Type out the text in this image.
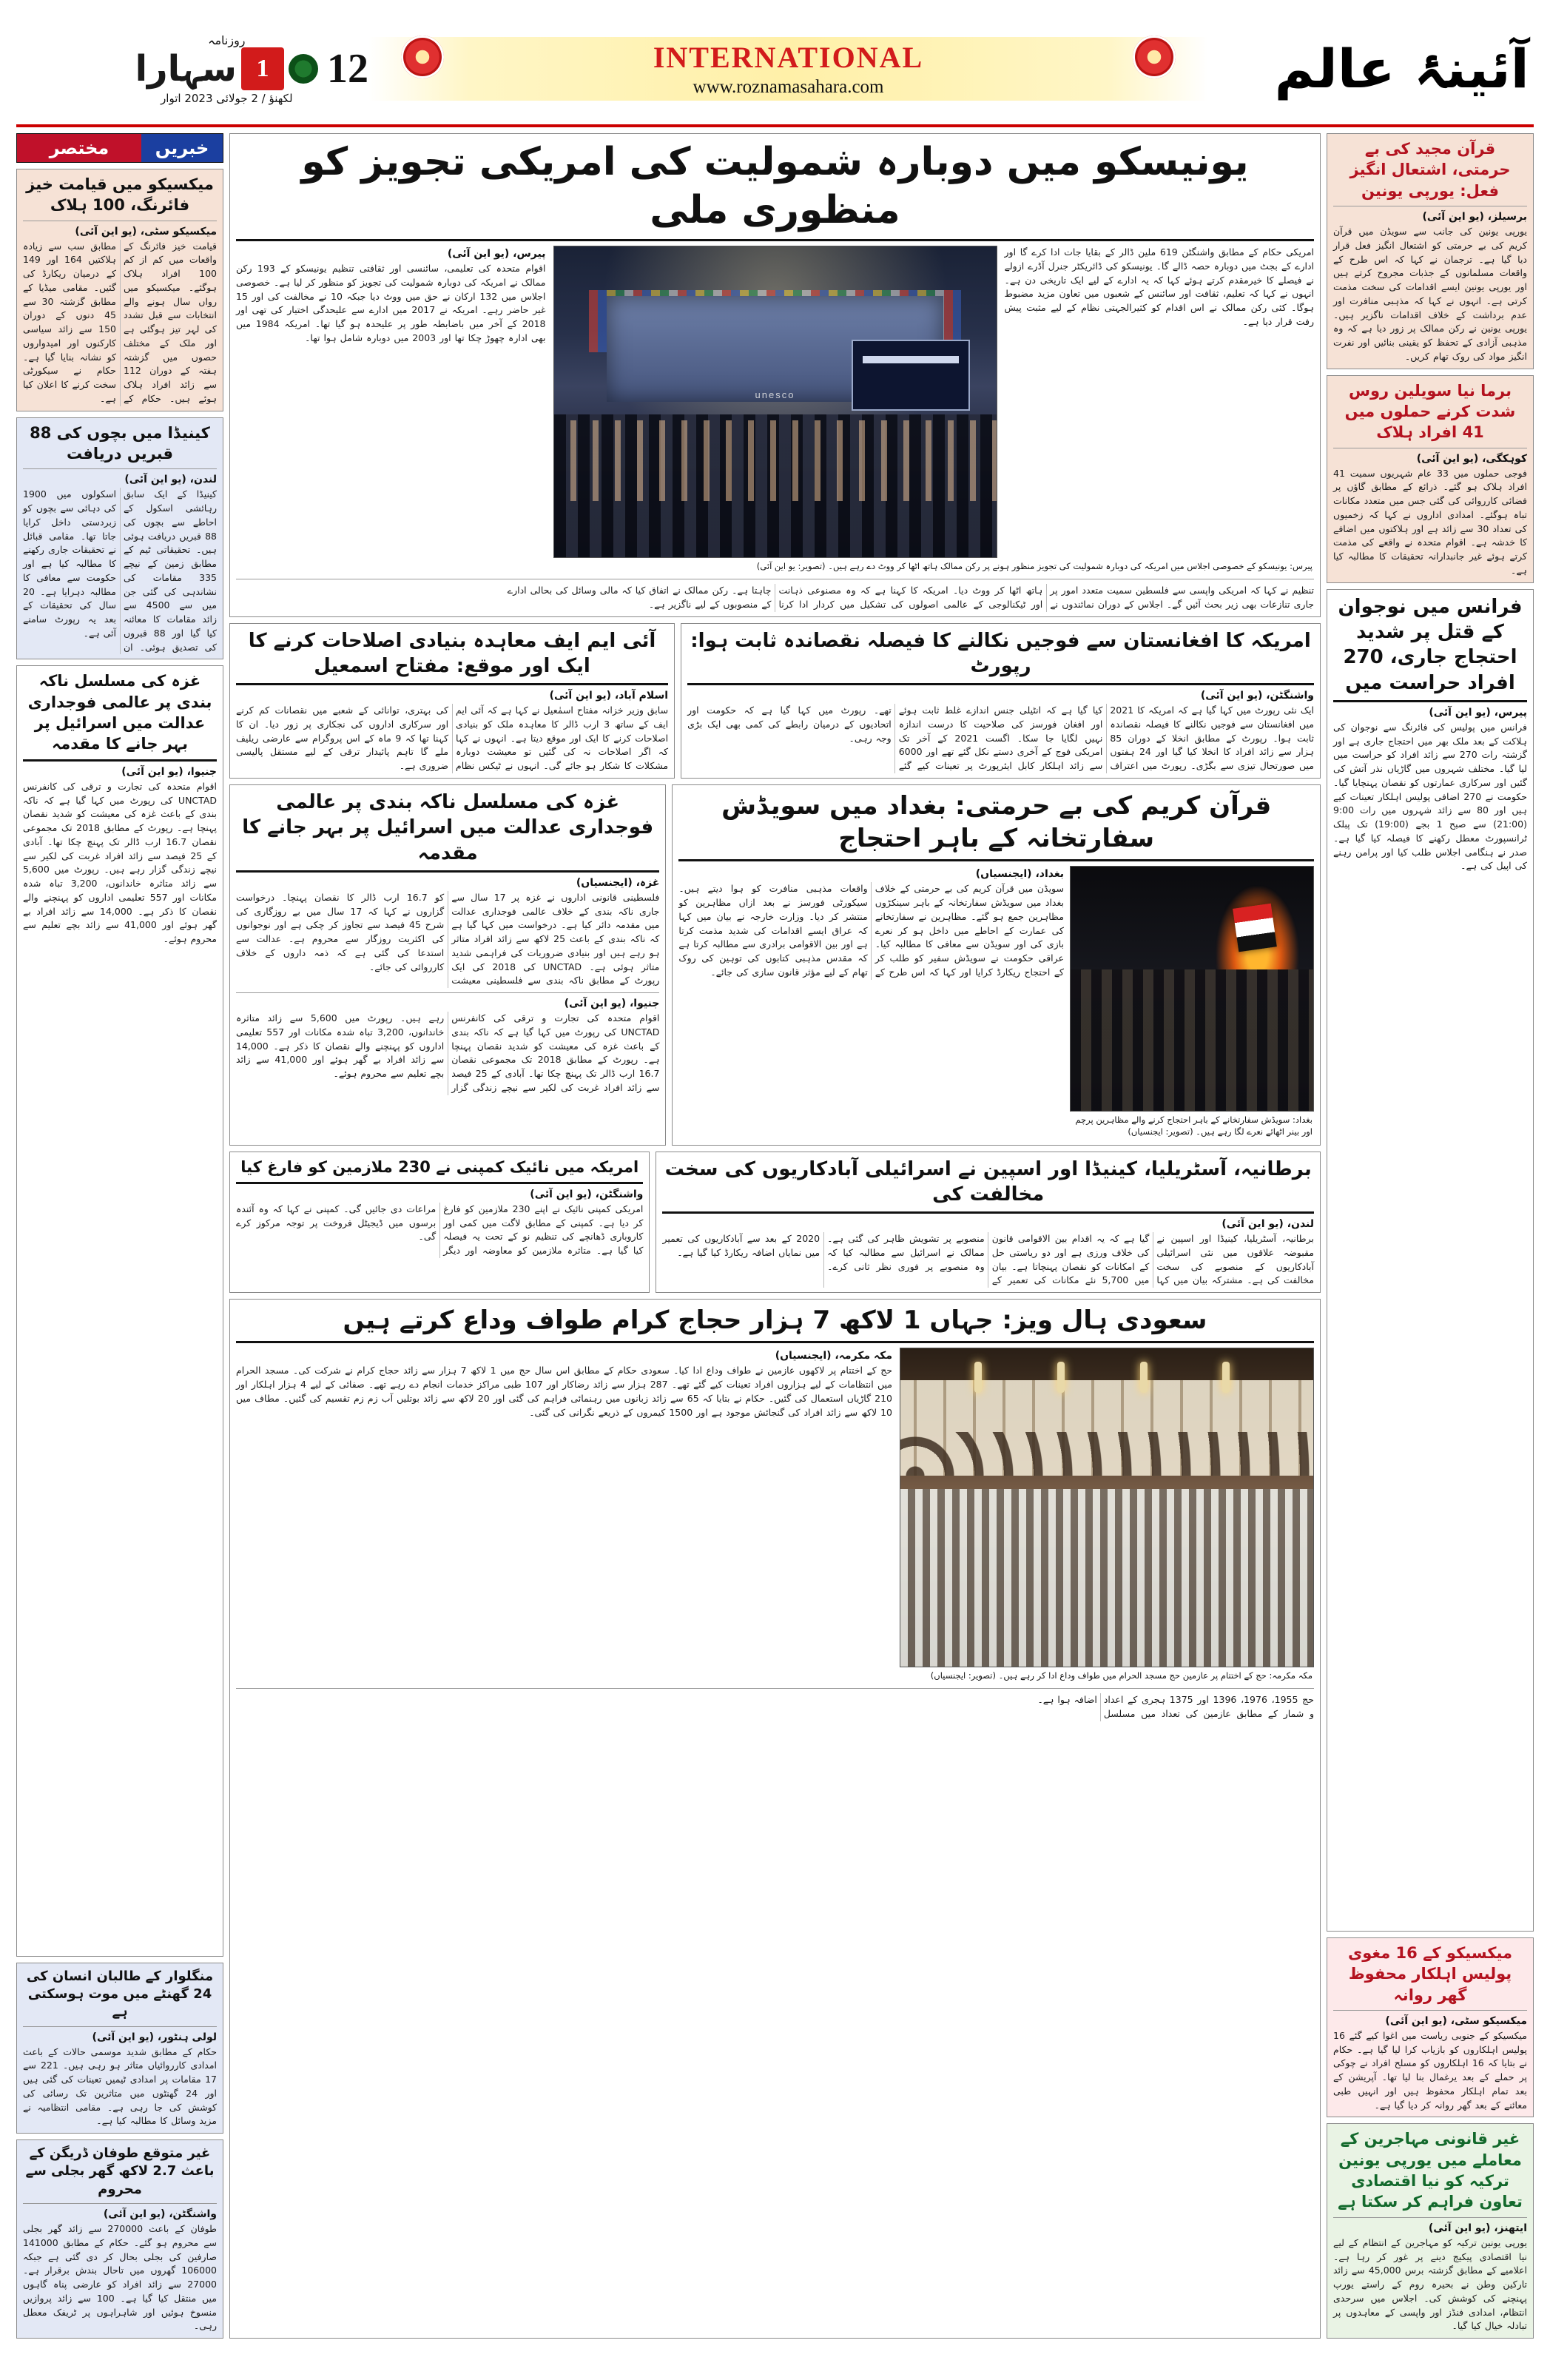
آئینۂ عالم
INTERNATIONAL
www.roznamasahara.com
12
روزنامہ
1
سہارا
لکھنؤ / 2 جولائی 2023 اتوار
قرآن مجید کی بے حرمتی، اشتعال انگیز فعل: یورپی یونین
برسیلز، (یو این آئی)
یورپی یونین کی جانب سے سویڈن میں قرآن کریم کی بے حرمتی کو اشتعال انگیز فعل قرار دیا گیا ہے۔ ترجمان نے کہا کہ اس طرح کے واقعات مسلمانوں کے جذبات مجروح کرتے ہیں اور یورپی یونین ایسے اقدامات کی سخت مذمت کرتی ہے۔ انہوں نے کہا کہ مذہبی منافرت اور عدم برداشت کے خلاف اقدامات ناگزیر ہیں۔ یورپی یونین نے رکن ممالک پر زور دیا ہے کہ وہ مذہبی آزادی کے تحفظ کو یقینی بنائیں اور نفرت انگیز مواد کی روک تھام کریں۔
برما نیا سویلین روس شدت کرنے حملوں میں 41 افراد ہلاک
کوہکگی، (یو این آئی)
فوجی حملوں میں 33 عام شہریوں سمیت 41 افراد ہلاک ہو گئے۔ ذرائع کے مطابق گاؤں پر فضائی کارروائی کی گئی جس میں متعدد مکانات تباہ ہوگئے۔ امدادی اداروں نے کہا کہ زخمیوں کی تعداد 30 سے زائد ہے اور ہلاکتوں میں اضافے کا خدشہ ہے۔ اقوام متحدہ نے واقعے کی مذمت کرتے ہوئے غیر جانبدارانہ تحقیقات کا مطالبہ کیا ہے۔
فرانس میں نوجوان کے قتل پر شدید احتجاج جاری، 270 افراد حراست میں
پیرس، (یو این آئی)
فرانس میں پولیس کی فائرنگ سے نوجوان کی ہلاکت کے بعد ملک بھر میں احتجاج جاری ہے اور گزشتہ رات 270 سے زائد افراد کو حراست میں لیا گیا۔ مختلف شہروں میں گاڑیاں نذر آتش کی گئیں اور سرکاری عمارتوں کو نقصان پہنچایا گیا۔ حکومت نے 270 اضافی پولیس اہلکار تعینات کیے ہیں اور 80 سے زائد شہروں میں رات 9:00 (21:00) سے صبح 1 بجے (19:00) تک پبلک ٹرانسپورٹ معطل رکھنے کا فیصلہ کیا گیا ہے۔ صدر نے ہنگامی اجلاس طلب کیا اور پرامن رہنے کی اپیل کی ہے۔
میکسیکو کے 16 مغوی پولیس اہلکار محفوظ گھر روانہ
میکسیکو سٹی، (یو این آئی)
میکسیکو کے جنوبی ریاست میں اغوا کیے گئے 16 پولیس اہلکاروں کو بازیاب کرا لیا گیا ہے۔ حکام نے بتایا کہ 16 اہلکاروں کو مسلح افراد نے چوکی پر حملے کے بعد یرغمال بنا لیا تھا۔ آپریشن کے بعد تمام اہلکار محفوظ ہیں اور انہیں طبی معائنے کے بعد گھر روانہ کر دیا گیا ہے۔
غیر قانونی مہاجرین کے معاملے میں یورپی یونین ترکیہ کو نیا اقتصادی تعاون فراہم کر سکتا ہے
ایتھنز، (یو این آئی)
یورپی یونین ترکیہ کو مہاجرین کے انتظام کے لیے نیا اقتصادی پیکیج دینے پر غور کر رہا ہے۔ اعلامیے کے مطابق گزشتہ برس 45,000 سے زائد تارکین وطن نے بحیرہ روم کے راستے یورپ پہنچنے کی کوشش کی۔ اجلاس میں سرحدی انتظام، امدادی فنڈز اور واپسی کے معاہدوں پر تبادلہ خیال کیا گیا۔
یونیسکو میں دوبارہ شمولیت کی امریکی تجویز کو منظوری ملی
پیرس، (یو این آئی)
اقوام متحدہ کی تعلیمی، سائنسی اور ثقافتی تنظیم یونیسکو کے 193 رکن ممالک نے امریکہ کی دوبارہ شمولیت کی تجویز کو منظور کر لیا ہے۔ خصوصی اجلاس میں 132 ارکان نے حق میں ووٹ دیا جبکہ 10 نے مخالفت کی اور 15 غیر حاضر رہے۔ امریکہ نے 2017 میں ادارے سے علیحدگی اختیار کی تھی اور 2018 کے آخر میں باضابطہ طور پر علیحدہ ہو گیا تھا۔ امریکہ 1984 میں بھی ادارہ چھوڑ چکا تھا اور 2003 میں دوبارہ شامل ہوا تھا۔
unesco
امریکی حکام کے مطابق واشنگٹن 619 ملین ڈالر کے بقایا جات ادا کرے گا اور ادارے کے بجٹ میں دوبارہ حصہ ڈالے گا۔ یونیسکو کی ڈائریکٹر جنرل آڈرے ازولے نے فیصلے کا خیرمقدم کرتے ہوئے کہا کہ یہ ادارے کے لیے ایک تاریخی دن ہے۔ انہوں نے کہا کہ تعلیم، ثقافت اور سائنس کے شعبوں میں تعاون مزید مضبوط ہوگا۔ کئی رکن ممالک نے اس اقدام کو کثیرالجہتی نظام کے لیے مثبت پیش رفت قرار دیا ہے۔
پیرس: یونیسکو کے خصوصی اجلاس میں امریکہ کی دوبارہ شمولیت کی تجویز منظور ہونے پر رکن ممالک ہاتھ اٹھا کر ووٹ دے رہے ہیں۔ (تصویر: یو این آئی)
تنظیم نے کہا کہ امریکی واپسی سے فلسطین سمیت متعدد امور پر جاری تنازعات بھی زیر بحث آئیں گے۔ اجلاس کے دوران نمائندوں نے ہاتھ اٹھا کر ووٹ دیا۔ امریکہ کا کہنا ہے کہ وہ مصنوعی ذہانت اور ٹیکنالوجی کے عالمی اصولوں کی تشکیل میں کردار ادا کرنا چاہتا ہے۔ رکن ممالک نے اتفاق کیا کہ مالی وسائل کی بحالی ادارے کے منصوبوں کے لیے ناگزیر ہے۔
امریکہ کا افغانستان سے فوجیں نکالنے کا فیصلہ نقصاندہ ثابت ہوا: رپورٹ
واشنگٹن، (یو این آئی)
ایک نئی رپورٹ میں کہا گیا ہے کہ امریکہ کا 2021 میں افغانستان سے فوجیں نکالنے کا فیصلہ نقصاندہ ثابت ہوا۔ رپورٹ کے مطابق انخلا کے دوران 85 ہزار سے زائد افراد کا انخلا کیا گیا اور 24 ہفتوں میں صورتحال تیزی سے بگڑی۔ رپورٹ میں اعتراف کیا گیا ہے کہ انٹیلی جنس اندازے غلط ثابت ہوئے اور افغان فورسز کی صلاحیت کا درست اندازہ نہیں لگایا جا سکا۔ اگست 2021 کے آخر تک امریکی فوج کے آخری دستے نکل گئے تھے اور 6000 سے زائد اہلکار کابل ایئرپورٹ پر تعینات کیے گئے تھے۔ رپورٹ میں کہا گیا ہے کہ حکومت اور اتحادیوں کے درمیان رابطے کی کمی بھی ایک بڑی وجہ رہی۔
آئی ایم ایف معاہدہ بنیادی اصلاحات کرنے کا ایک اور موقع: مفتاح اسمعیل
اسلام آباد، (یو این آئی)
سابق وزیر خزانہ مفتاح اسمٰعیل نے کہا ہے کہ آئی ایم ایف کے ساتھ 3 ارب ڈالر کا معاہدہ ملک کو بنیادی اصلاحات کرنے کا ایک اور موقع دیتا ہے۔ انہوں نے کہا کہ اگر اصلاحات نہ کی گئیں تو معیشت دوبارہ مشکلات کا شکار ہو جائے گی۔ انہوں نے ٹیکس نظام کی بہتری، توانائی کے شعبے میں نقصانات کم کرنے اور سرکاری اداروں کی نجکاری پر زور دیا۔ ان کا کہنا تھا کہ 9 ماہ کے اس پروگرام سے عارضی ریلیف ملے گا تاہم پائیدار ترقی کے لیے مستقل پالیسی ضروری ہے۔
قرآن کریم کی بے حرمتی: بغداد میں سویڈش سفارتخانہ کے باہر احتجاج
بغداد، (ایجنسیاں)
سویڈن میں قرآن کریم کی بے حرمتی کے خلاف بغداد میں سویڈش سفارتخانہ کے باہر سینکڑوں مظاہرین جمع ہو گئے۔ مظاہرین نے سفارتخانے کی عمارت کے احاطے میں داخل ہو کر نعرے بازی کی اور سویڈن سے معافی کا مطالبہ کیا۔ عراقی حکومت نے سویڈش سفیر کو طلب کر کے احتجاج ریکارڈ کرایا اور کہا کہ اس طرح کے واقعات مذہبی منافرت کو ہوا دیتے ہیں۔ سیکورٹی فورسز نے بعد ازاں مظاہرین کو منتشر کر دیا۔ وزارت خارجہ نے بیان میں کہا کہ عراق ایسے اقدامات کی شدید مذمت کرتا ہے اور بین الاقوامی برادری سے مطالبہ کرتا ہے کہ مقدس مذہبی کتابوں کی توہین کی روک تھام کے لیے مؤثر قانون سازی کی جائے۔
بغداد: سویڈش سفارتخانے کے باہر احتجاج کرنے والے مظاہرین پرچم اور بینر اٹھائے نعرے لگا رہے ہیں۔ (تصویر: ایجنسیاں)
غزہ کی مسلسل ناکہ بندی پر عالمی فوجداری عدالت میں اسرائیل پر بہر جانے کا مقدمہ
غزہ، (ایجنسیاں)
فلسطینی قانونی اداروں نے غزہ پر 17 سال سے جاری ناکہ بندی کے خلاف عالمی فوجداری عدالت میں مقدمہ دائر کیا ہے۔ درخواست میں کہا گیا ہے کہ ناکہ بندی کے باعث 25 لاکھ سے زائد افراد متاثر ہو رہے ہیں اور بنیادی ضروریات کی فراہمی شدید متاثر ہوئی ہے۔ UNCTAD کی 2018 کی ایک رپورٹ کے مطابق ناکہ بندی سے فلسطینی معیشت کو 16.7 ارب ڈالر کا نقصان پہنچا۔ درخواست گزاروں نے کہا کہ 17 سال میں بے روزگاری کی شرح 45 فیصد سے تجاوز کر چکی ہے اور نوجوانوں کی اکثریت روزگار سے محروم ہے۔ عدالت سے استدعا کی گئی ہے کہ ذمہ داروں کے خلاف کارروائی کی جائے۔
جنیوا، (یو این آئی)
اقوام متحدہ کی تجارت و ترقی کی کانفرنس UNCTAD کی رپورٹ میں کہا گیا ہے کہ ناکہ بندی کے باعث غزہ کی معیشت کو شدید نقصان پہنچا ہے۔ رپورٹ کے مطابق 2018 تک مجموعی نقصان 16.7 ارب ڈالر تک پہنچ چکا تھا۔ آبادی کے 25 فیصد سے زائد افراد غربت کی لکیر سے نیچے زندگی گزار رہے ہیں۔ رپورٹ میں 5,600 سے زائد متاثرہ خاندانوں، 3,200 تباہ شدہ مکانات اور 557 تعلیمی اداروں کو پہنچنے والے نقصان کا ذکر ہے۔ 14,000 سے زائد افراد بے گھر ہوئے اور 41,000 سے زائد بچے تعلیم سے محروم ہوئے۔
برطانیہ، آسٹریلیا، کینیڈا اور اسپین نے اسرائیلی آبادکاریوں کی سخت مخالفت کی
لندن، (یو این آئی)
برطانیہ، آسٹریلیا، کینیڈا اور اسپین نے مقبوضہ علاقوں میں نئی اسرائیلی آبادکاریوں کے منصوبے کی سخت مخالفت کی ہے۔ مشترکہ بیان میں کہا گیا ہے کہ یہ اقدام بین الاقوامی قانون کی خلاف ورزی ہے اور دو ریاستی حل کے امکانات کو نقصان پہنچاتا ہے۔ بیان میں 5,700 نئے مکانات کی تعمیر کے منصوبے پر تشویش ظاہر کی گئی ہے۔ ممالک نے اسرائیل سے مطالبہ کیا کہ وہ منصوبے پر فوری نظر ثانی کرے۔ 2020 کے بعد سے آبادکاریوں کی تعمیر میں نمایاں اضافہ ریکارڈ کیا گیا ہے۔
امریکہ میں نائیک کمپنی نے 230 ملازمین کو فارغ کیا
واشنگٹن، (یو این آئی)
امریکی کمپنی نائیک نے اپنے 230 ملازمین کو فارغ کر دیا ہے۔ کمپنی کے مطابق لاگت میں کمی اور کاروباری ڈھانچے کی تنظیم نو کے تحت یہ فیصلہ کیا گیا ہے۔ متاثرہ ملازمین کو معاوضہ اور دیگر مراعات دی جائیں گی۔ کمپنی نے کہا کہ وہ آئندہ برسوں میں ڈیجیٹل فروخت پر توجہ مرکوز کرے گی۔
سعودی ہال ویز: جہاں 1 لاکھ 7 ہزار حجاج کرام طواف وداع کرتے ہیں
مکہ مکرمہ، (ایجنسیاں)
حج کے اختتام پر لاکھوں عازمین نے طواف وداع ادا کیا۔ سعودی حکام کے مطابق اس سال حج میں 1 لاکھ 7 ہزار سے زائد حجاج کرام نے شرکت کی۔ مسجد الحرام میں انتظامات کے لیے ہزاروں افراد تعینات کیے گئے تھے۔ 287 ہزار سے زائد رضاکار اور 107 طبی مراکز خدمات انجام دے رہے تھے۔ صفائی کے لیے 4 ہزار اہلکار اور 210 گاڑیاں استعمال کی گئیں۔ حکام نے بتایا کہ 65 سے زائد زبانوں میں رہنمائی فراہم کی گئی اور 20 لاکھ سے زائد بوتلیں آب زم زم تقسیم کی گئیں۔ مطاف میں 10 لاکھ سے زائد افراد کی گنجائش موجود ہے اور 1500 کیمروں کے ذریعے نگرانی کی گئی۔
مکہ مکرمہ: حج کے اختتام پر عازمین حج مسجد الحرام میں طواف وداع ادا کر رہے ہیں۔ (تصویر: ایجنسیاں)
حج 1955، 1976، 1396 اور 1375 ہجری کے اعداد و شمار کے مطابق عازمین کی تعداد میں مسلسل اضافہ ہوا ہے۔
خبریں
مختصر
میکسیکو میں قیامت خیز فائرنگ، 100 ہلاک
میکسیکو سٹی، (یو این آئی)
قیامت خیز فائرنگ کے واقعات میں کم از کم 100 افراد ہلاک ہوگئے۔ میکسیکو میں رواں سال ہونے والے انتخابات سے قبل تشدد کی لہر تیز ہوگئی ہے اور ملک کے مختلف حصوں میں گزشتہ ہفتہ کے دوران 112 سے زائد افراد ہلاک ہوئے ہیں۔ حکام کے مطابق سب سے زیادہ ہلاکتیں 164 اور 149 کے درمیان ریکارڈ کی گئیں۔ مقامی میڈیا کے مطابق گزشتہ 30 سے 45 دنوں کے دوران 150 سے زائد سیاسی کارکنوں اور امیدواروں کو نشانہ بنایا گیا ہے۔ حکام نے سیکورٹی سخت کرنے کا اعلان کیا ہے۔
کینیڈا میں بچوں کی 88 قبریں دریافت
لندن، (یو این آئی)
کینیڈا کے ایک سابق رہائشی اسکول کے احاطے سے بچوں کی 88 قبریں دریافت ہوئی ہیں۔ تحقیقاتی ٹیم کے مطابق زمین کے نیچے 335 مقامات کی نشاندہی کی گئی جن میں سے 4500 سے زائد مقامات کا معائنہ کیا گیا اور 88 قبروں کی تصدیق ہوئی۔ ان اسکولوں میں 1900 کی دہائی سے بچوں کو زبردستی داخل کرایا جاتا تھا۔ مقامی قبائل نے تحقیقات جاری رکھنے کا مطالبہ کیا ہے اور حکومت سے معافی کا مطالبہ دہرایا ہے۔ 20 سال کی تحقیقات کے بعد یہ رپورٹ سامنے آئی ہے۔
غزہ کی مسلسل ناکہ بندی پر عالمی فوجداری عدالت میں اسرائیل پر بہر جانے کا مقدمہ
جنیوا، (یو این آئی)
اقوام متحدہ کی تجارت و ترقی کی کانفرنس UNCTAD کی رپورٹ میں کہا گیا ہے کہ ناکہ بندی کے باعث غزہ کی معیشت کو شدید نقصان پہنچا ہے۔ رپورٹ کے مطابق 2018 تک مجموعی نقصان 16.7 ارب ڈالر تک پہنچ چکا تھا۔ آبادی کے 25 فیصد سے زائد افراد غربت کی لکیر سے نیچے زندگی گزار رہے ہیں۔ رپورٹ میں 5,600 سے زائد متاثرہ خاندانوں، 3,200 تباہ شدہ مکانات اور 557 تعلیمی اداروں کو پہنچنے والے نقصان کا ذکر ہے۔ 14,000 سے زائد افراد بے گھر ہوئے اور 41,000 سے زائد بچے تعلیم سے محروم ہوئے۔
منگلوار کے طالبان انسان کی 24 گھنٹے میں موت ہوسکتی ہے
لولی ہنٹور، (یو این آئی)
حکام کے مطابق شدید موسمی حالات کے باعث امدادی کارروائیاں متاثر ہو رہی ہیں۔ 221 سے 17 مقامات پر امدادی ٹیمیں تعینات کی گئی ہیں اور 24 گھنٹوں میں متاثرین تک رسائی کی کوشش کی جا رہی ہے۔ مقامی انتظامیہ نے مزید وسائل کا مطالبہ کیا ہے۔
غیر متوقع طوفان ڈریگن کے باعث 2.7 لاکھ گھر بجلی سے محروم
واشنگٹن، (یو این آئی)
طوفان کے باعث 270000 سے زائد گھر بجلی سے محروم ہو گئے۔ حکام کے مطابق 141000 صارفین کی بجلی بحال کر دی گئی ہے جبکہ 106000 گھروں میں تاحال بندش برقرار ہے۔ 27000 سے زائد افراد کو عارضی پناہ گاہوں میں منتقل کیا گیا ہے۔ 100 سے زائد پروازیں منسوخ ہوئیں اور شاہراہوں پر ٹریفک معطل رہی۔
